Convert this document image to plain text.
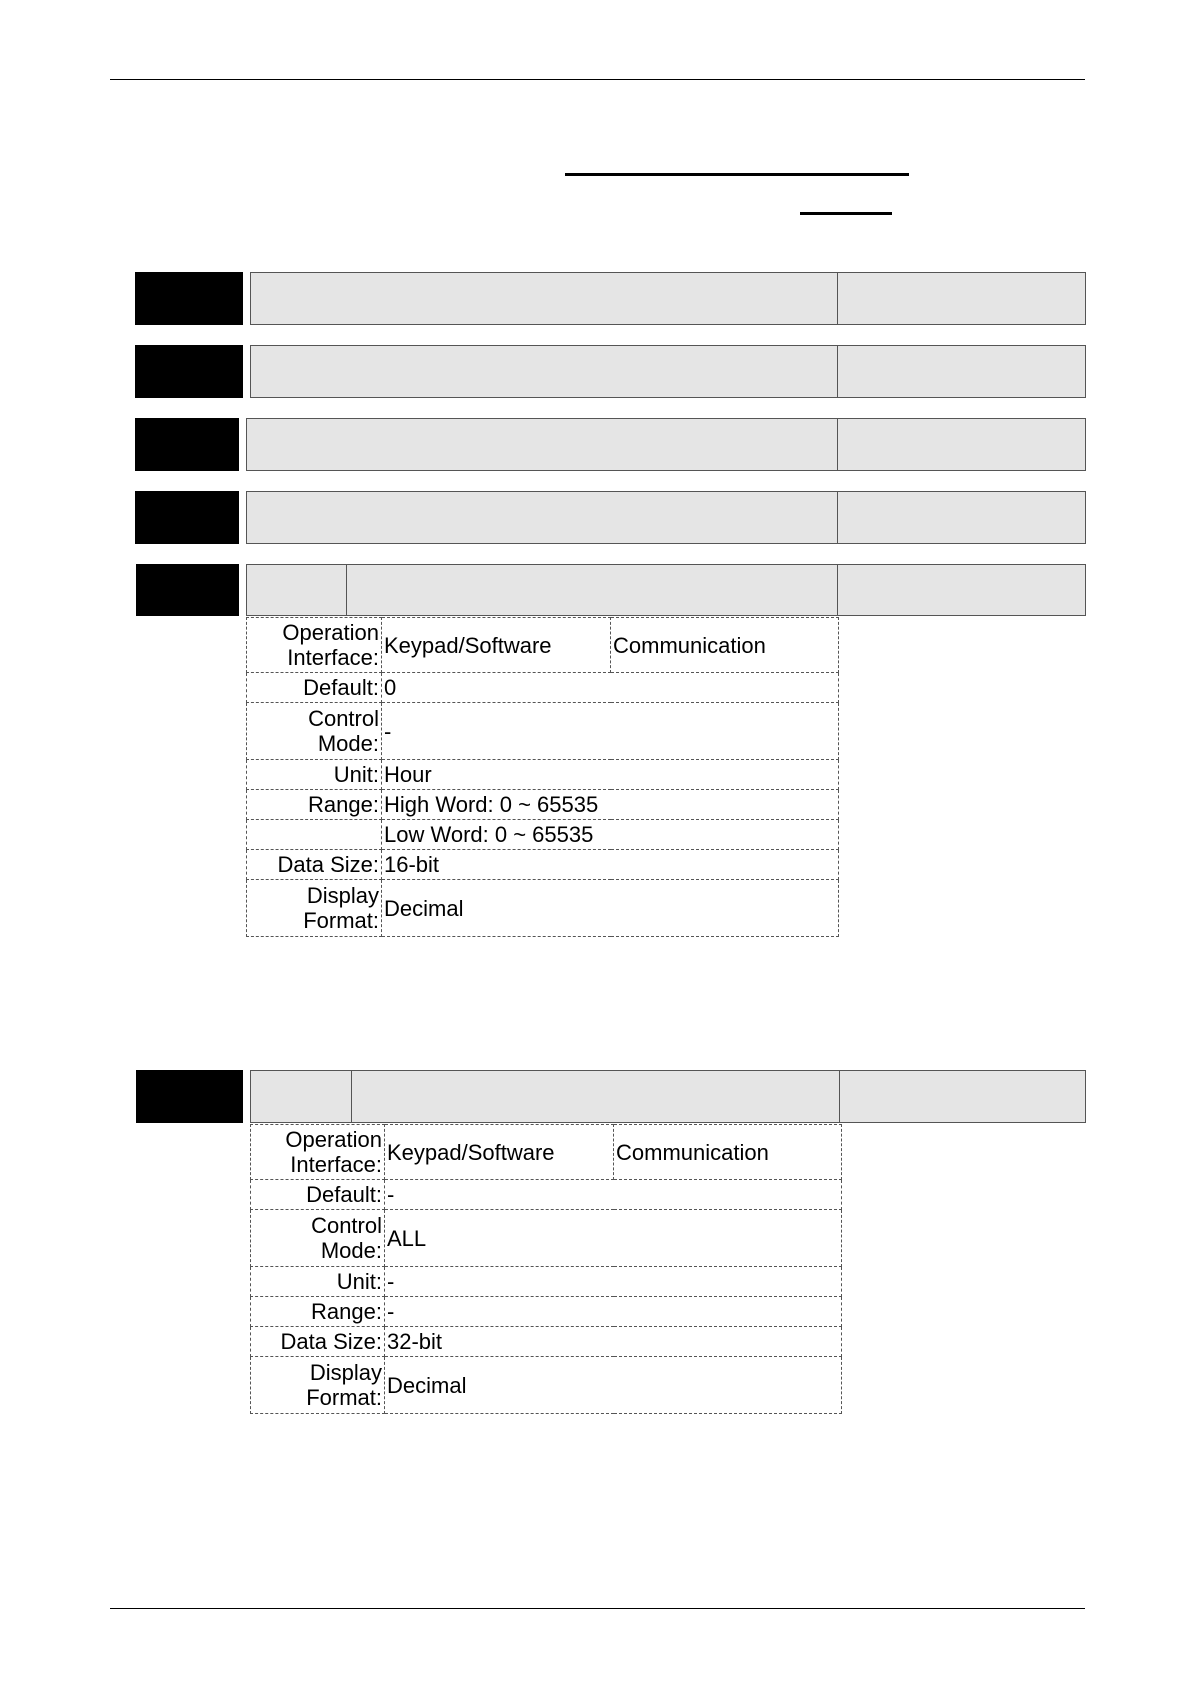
Operation Interface:	Keypad/Software	Communication
Default:	0	
Control Mode:	-	
Unit:	Hour	
Range:	High Word: 0 ~ 65535	
	Low Word: 0 ~ 65535	
Data Size:	16-bit	
Display Format:	Decimal	
Operation Interface:	Keypad/Software	Communication
Default:	-	
Control Mode:	ALL	
Unit:	-	
Range:	-	
Data Size:	32-bit	
Display Format:	Decimal	
